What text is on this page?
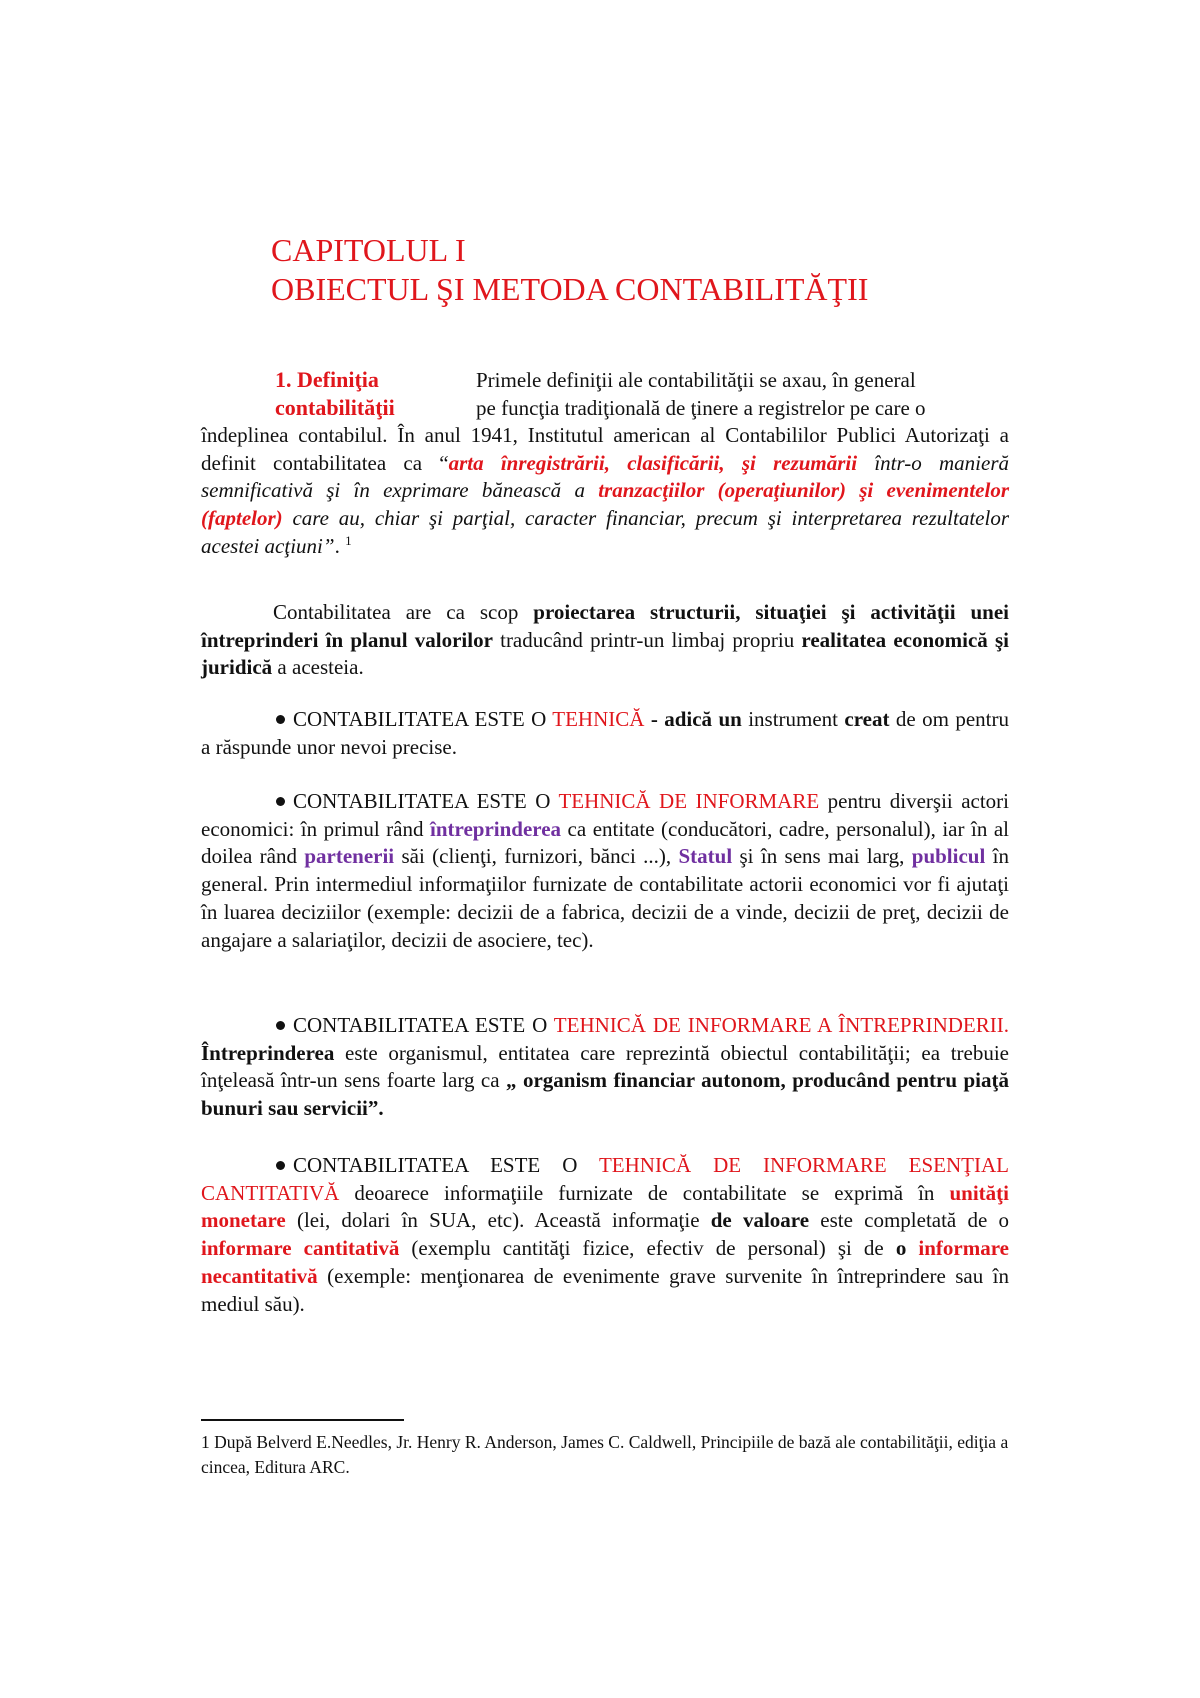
CAPITOLUL I
OBIECTUL ŞI METODA CONTABILITĂŢII
1. Definiţia
contabilităţii
Primele definiţii ale contabilităţii se axau, în general
pe funcţia tradiţională de ţinere a registrelor pe care o
îndeplinea contabilul. În anul 1941, Institutul american al Contabililor Publici Autorizaţi a definit contabilitatea ca “arta înregistrării, clasificării, şi rezumării într-o manieră semnificativă şi în exprimare bănească a tranzacţiilor (operaţiunilor) şi evenimentelor (faptelor) care au, chiar şi parţial, caracter financiar, precum şi interpretarea rezultatelor acestei acţiuni”. $^1$
Contabilitatea are ca scop proiectarea structurii, situaţiei şi activităţii unei întreprinderi în planul valorilor traducând printr-un limbaj propriu realitatea economică şi juridică a acesteia.
CONTABILITATEA ESTE O TEHNICĂ - adică un instrument creat de om pentru a răspunde unor nevoi precise.
CONTABILITATEA ESTE O TEHNICĂ DE INFORMARE pentru diverşii actori economici: în primul rând întreprinderea ca entitate (conducători, cadre, personalul), iar în al doilea rând partenerii săi (clienţi, furnizori, bănci ...), Statul şi în sens mai larg, publicul în general. Prin intermediul informaţiilor furnizate de contabilitate actorii economici vor fi ajutaţi în luarea deciziilor (exemple: decizii de a fabrica, decizii de a vinde, decizii de preţ, decizii de angajare a salariaţilor, decizii de asociere, tec).
CONTABILITATEA ESTE O TEHNICĂ DE INFORMARE A ÎNTREPRINDERII. Întreprinderea este organismul, entitatea care reprezintă obiectul contabilităţii; ea trebuie înţeleasă într-un sens foarte larg ca „ organism financiar autonom, producând pentru piaţă bunuri sau servicii”.
CONTABILITATEA ESTE O TEHNICĂ DE INFORMARE ESENŢIAL CANTITATIVĂ deoarece informaţiile furnizate de contabilitate se exprimă în unităţi monetare (lei, dolari în SUA, etc). Această informaţie de valoare este completată de o informare cantitativă (exemplu cantităţi fizice, efectiv de personal) şi de o informare necantitativă (exemple: menţionarea de evenimente grave survenite în întreprindere sau în mediul său).
1 După Belverd E.Needles, Jr. Henry R. Anderson, James C. Caldwell, Principiile de bază ale contabilităţii, ediţia a cincea, Editura ARC.
